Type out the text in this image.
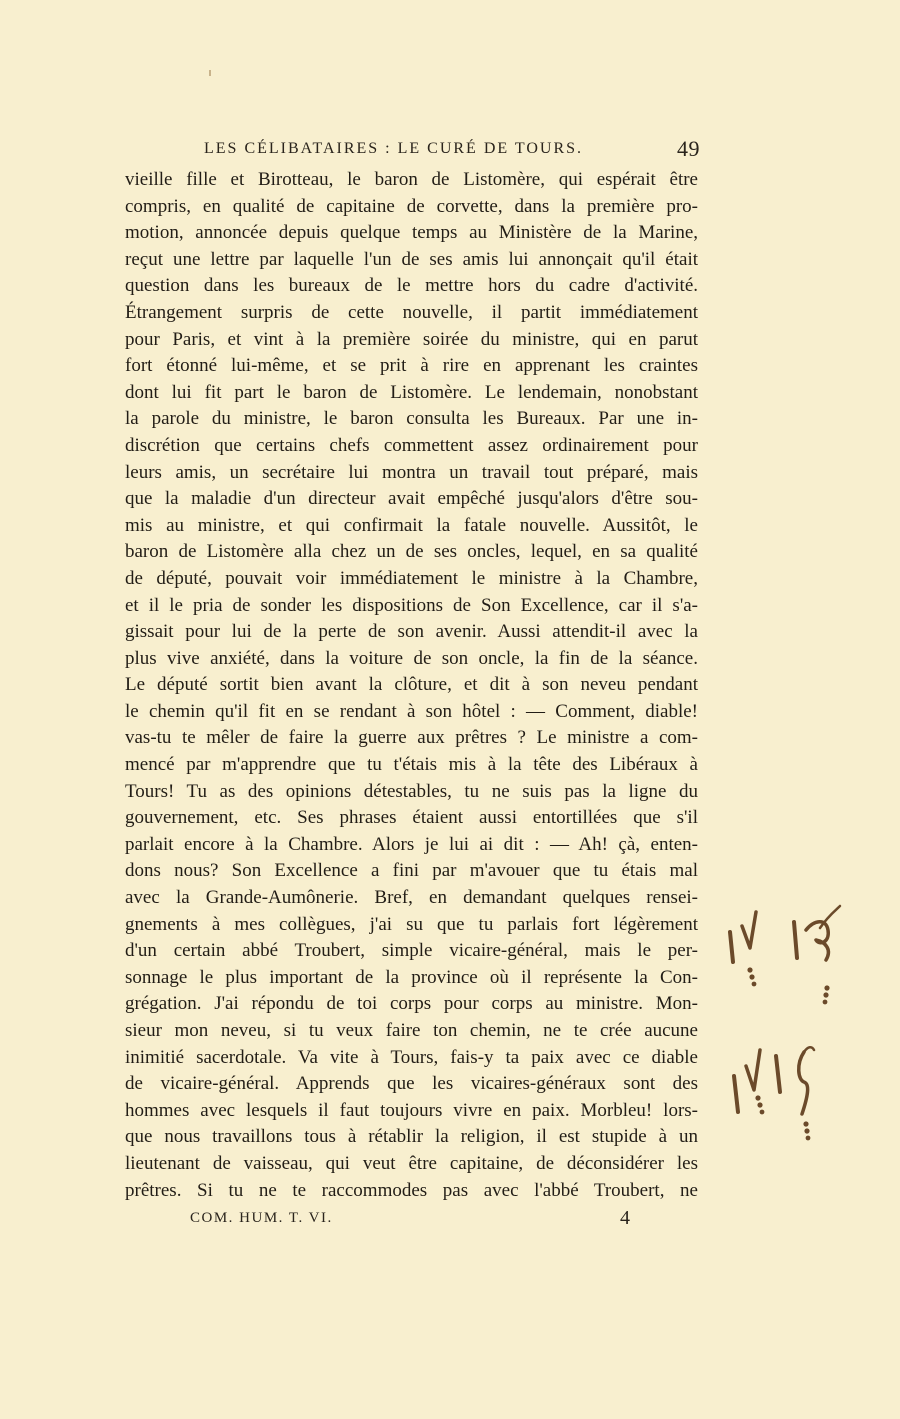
LES CÉLIBATAIRES : LE CURÉ DE TOURS.	49
vieille fille et Birotteau, le baron de Listomère, qui espérait être
compris, en qualité de capitaine de corvette, dans la première pro-
motion, annoncée depuis quelque temps au Ministère de la Marine,
reçut une lettre par laquelle l'un de ses amis lui annonçait qu'il était
question dans les bureaux de le mettre hors du cadre d'activité.
Étrangement surpris de cette nouvelle, il partit immédiatement
pour Paris, et vint à la première soirée du ministre, qui en parut
fort étonné lui-même, et se prit à rire en apprenant les craintes
dont lui fit part le baron de Listomère. Le lendemain, nonobstant
la parole du ministre, le baron consulta les Bureaux. Par une in-
discrétion que certains chefs commettent assez ordinairement pour
leurs amis, un secrétaire lui montra un travail tout préparé, mais
que la maladie d'un directeur avait empêché jusqu'alors d'être sou-
mis au ministre, et qui confirmait la fatale nouvelle. Aussitôt, le
baron de Listomère alla chez un de ses oncles, lequel, en sa qualité
de député, pouvait voir immédiatement le ministre à la Chambre,
et il le pria de sonder les dispositions de Son Excellence, car il s'a-
gissait pour lui de la perte de son avenir. Aussi attendit-il avec la
plus vive anxiété, dans la voiture de son oncle, la fin de la séance.
Le député sortit bien avant la clôture, et dit à son neveu pendant
le chemin qu'il fit en se rendant à son hôtel : — Comment, diable!
vas-tu te mêler de faire la guerre aux prêtres ? Le ministre a com-
mencé par m'apprendre que tu t'étais mis à la tête des Libéraux à
Tours! Tu as des opinions détestables, tu ne suis pas la ligne du
gouvernement, etc. Ses phrases étaient aussi entortillées que s'il
parlait encore à la Chambre. Alors je lui ai dit : — Ah! çà, enten-
dons nous? Son Excellence a fini par m'avouer que tu étais mal
avec la Grande-Aumônerie. Bref, en demandant quelques rensei-
gnements à mes collègues, j'ai su que tu parlais fort légèrement
d'un certain abbé Troubert, simple vicaire-général, mais le per-
sonnage le plus important de la province où il représente la Con-
grégation. J'ai répondu de toi corps pour corps au ministre. Mon-
sieur mon neveu, si tu veux faire ton chemin, ne te crée aucune
inimitié sacerdotale. Va vite à Tours, fais-y ta paix avec ce diable
de vicaire-général. Apprends que les vicaires-généraux sont des
hommes avec lesquels il faut toujours vivre en paix. Morbleu! lors-
que nous travaillons tous à rétablir la religion, il est stupide à un
lieutenant de vaisseau, qui veut être capitaine, de déconsidérer les
prêtres. Si tu ne te raccommodes pas avec l'abbé Troubert, ne
COM. HUM. T. VI.	4
